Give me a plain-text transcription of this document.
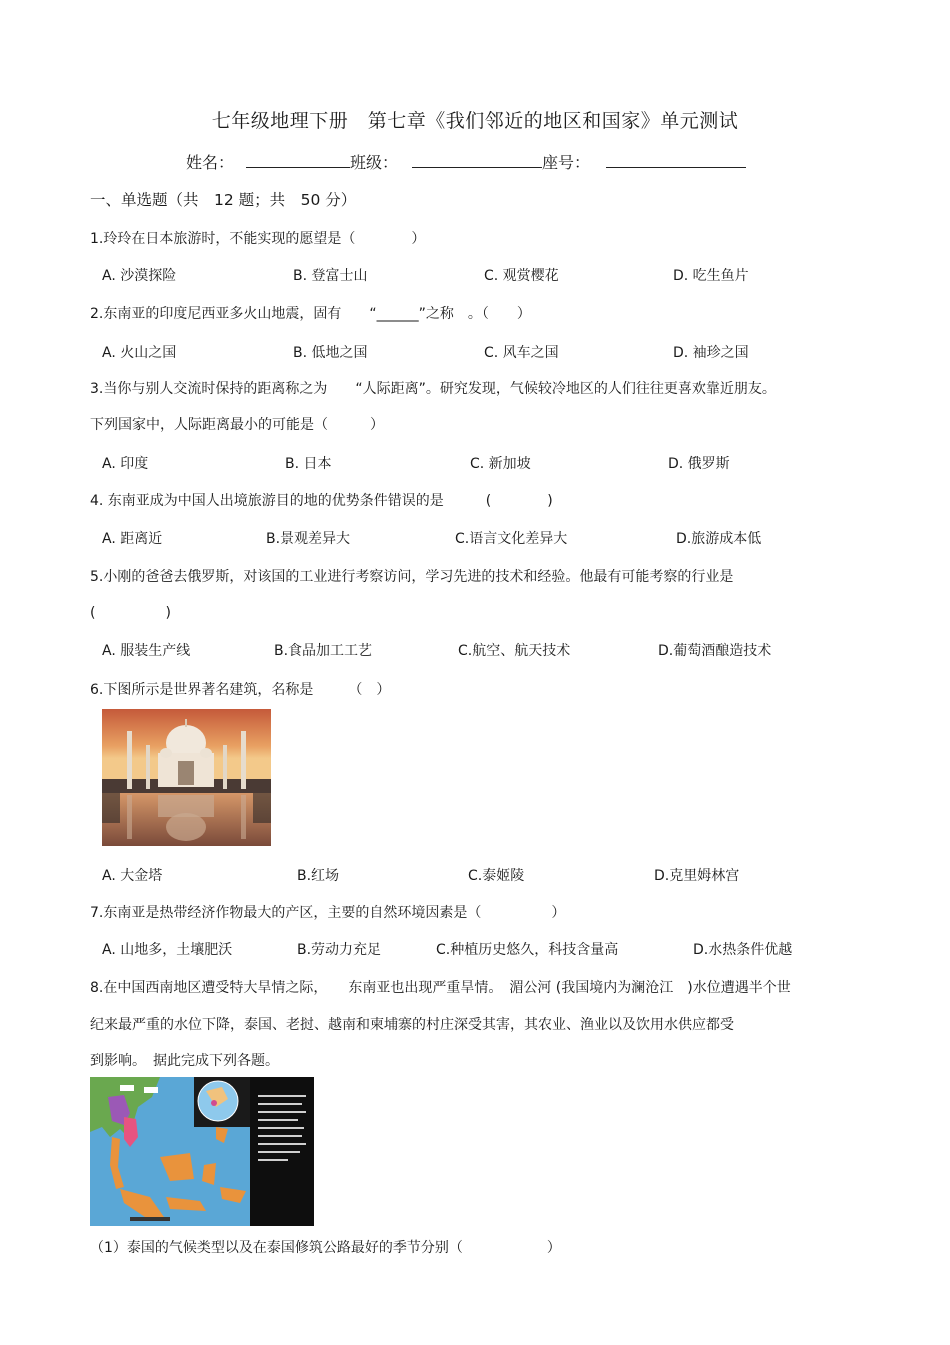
七年级地理下册　第七章《我们邻近的地区和国家》单元测试
姓名：	班级：	座号：
一、单选题（共　12 题；共　50 分）
1.玲玲在日本旅游时，不能实现的愿望是（　　　　）
A. 沙漠探险	B. 登富士山	C. 观赏樱花	D. 吃生鱼片
2.东南亚的印度尼西亚多火山地震，固有　　“______”之称　。（　　）
A. 火山之国	B. 低地之国	C. 风车之国	D. 袖珍之国
3.当你与别人交流时保持的距离称之为　　“人际距离”。研究发现，气候较冷地区的人们往往更喜欢靠近朋友。
下列国家中，人际距离最小的可能是（　　　）
A. 印度	B. 日本	C. 新加坡	D. 俄罗斯
4. 东南亚成为中国人出境旅游目的地的优势条件错误的是　　　(　　　　)
A. 距离近	B.景观差异大	C.语言文化差异大	D.旅游成本低
5.小刚的爸爸去俄罗斯，对该国的工业进行考察访问，学习先进的技术和经验。他最有可能考察的行业是
(　　　　　)
A. 服装生产线	B.食品加工工艺	C.航空、航天技术	D.葡萄酒酿造技术
6.下图所示是世界著名建筑，名称是　　　（　）
A. 大金塔	B.红场	C.泰姬陵	D.克里姆林宫
7.东南亚是热带经济作物最大的产区，主要的自然环境因素是（　　　　　）
A. 山地多，土壤肥沃	B.劳动力充足	C.种植历史悠久，科技含量高	D.水热条件优越
8.在中国西南地区遭受特大旱情之际，　　东南亚也出现严重旱情。　湄公河 (我国境内为澜沧江　)水位遭遇半个世
纪来最严重的水位下降，泰国、老挝、越南和柬埔寨的村庄深受其害，其农业、渔业以及饮用水供应都受
到影响。　据此完成下列各题。
（1）泰国的气候类型以及在泰国修筑公路最好的季节分别（　　　　　　）
